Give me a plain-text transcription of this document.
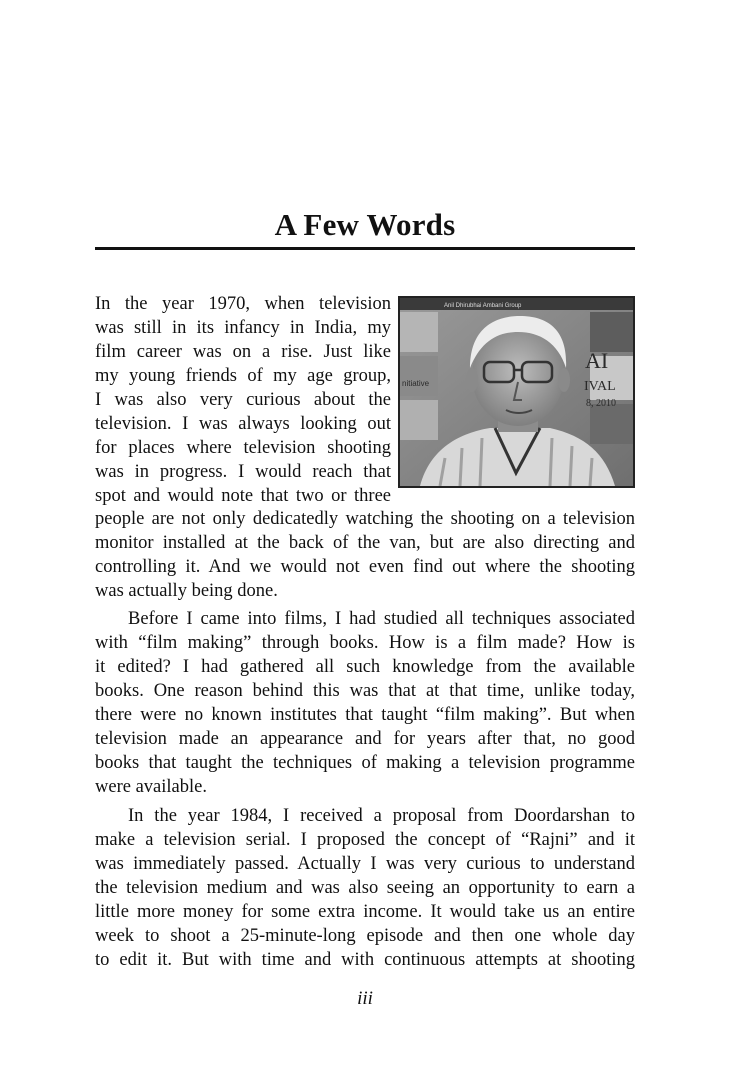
A Few Words
Anil Dhirubhai Ambani Group
AI
IVAL
8, 2010
nitiative
In the year 1970, when television
was still in its infancy in India, my
film career was on a rise. Just like
my young friends of my age group,
I was also very curious about the
television. I was always looking out
for places where television shooting
was in progress. I would reach that
spot and would note that two or three
people are not only dedicatedly watching the shooting on a television
monitor installed at the back of the van, but are also directing and
controlling it. And we would not even find out where the shooting
was actually being done.
Before I came into films, I had studied all techniques associated
with “film making” through books. How is a film made? How is
it edited? I had gathered all such knowledge from the available
books. One reason behind this was that at that time, unlike today,
there were no known institutes that taught “film making”. But when
television made an appearance and for years after that, no good
books that taught the techniques of making a television programme
were available.
In the year 1984, I received a proposal from Doordarshan to
make a television serial. I proposed the concept of “Rajni” and it
was immediately passed. Actually I was very curious to understand
the television medium and was also seeing an opportunity to earn a
little more money for some extra income. It would take us an entire
week to shoot a 25-minute-long episode and then one whole day
to edit it. But with time and with continuous attempts at shooting
iii
